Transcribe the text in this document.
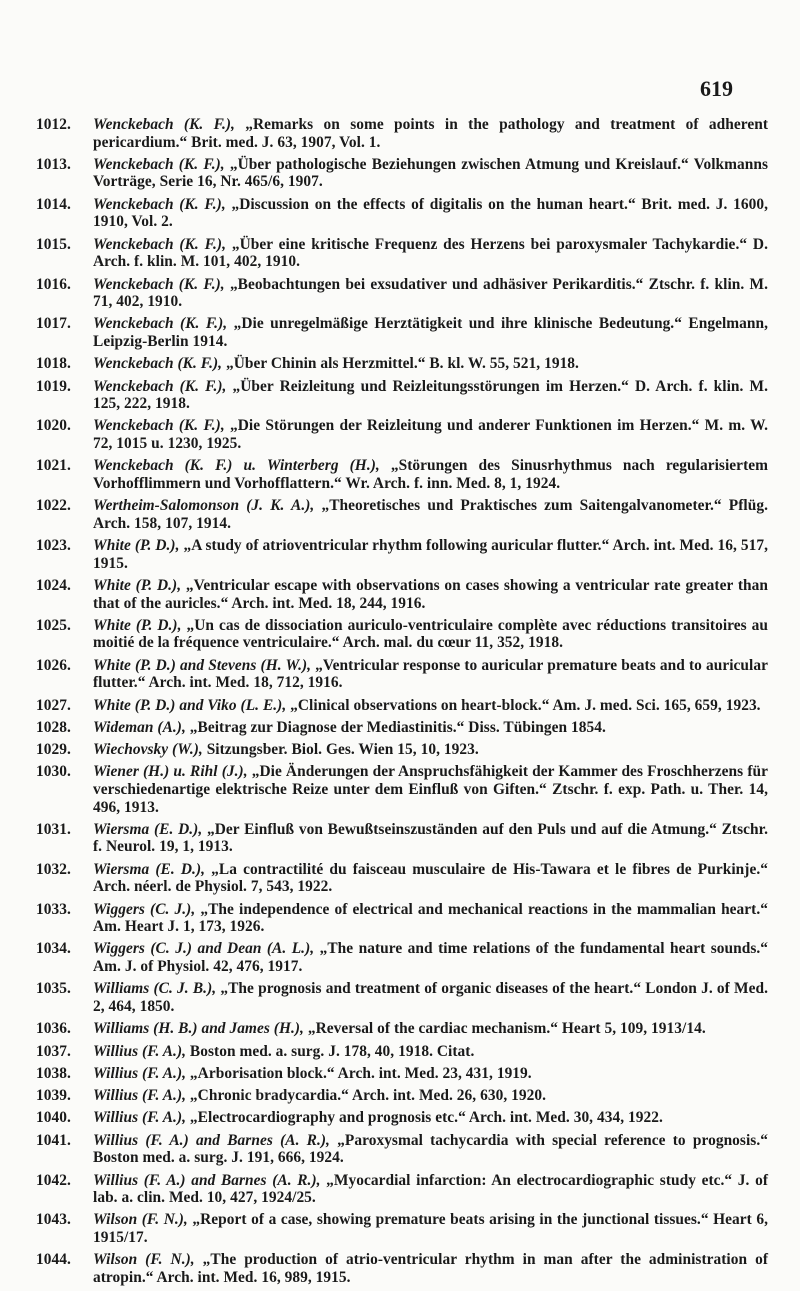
619
1012.	Wenckebach (K. F.), „Remarks on some points in the pathology and treatment of adherent pericardium.“ Brit. med. J. 63, 1907, Vol. 1.
1013.	Wenckebach (K. F.), „Über pathologische Beziehungen zwischen Atmung und Kreislauf.“ Volkmanns Vorträge, Serie 16, Nr. 465/6, 1907.
1014.	Wenckebach (K. F.), „Discussion on the effects of digitalis on the human heart.“ Brit. med. J. 1600, 1910, Vol. 2.
1015.	Wenckebach (K. F.), „Über eine kritische Frequenz des Herzens bei paroxysmaler Tachykardie.“ D. Arch. f. klin. M. 101, 402, 1910.
1016.	Wenckebach (K. F.), „Beobachtungen bei exsudativer und adhäsiver Perikarditis.“ Ztschr. f. klin. M. 71, 402, 1910.
1017.	Wenckebach (K. F.), „Die unregelmäßige Herztätigkeit und ihre klinische Bedeutung.“ Engelmann, Leipzig-Berlin 1914.
1018.	Wenckebach (K. F.), „Über Chinin als Herzmittel.“ B. kl. W. 55, 521, 1918.
1019.	Wenckebach (K. F.), „Über Reizleitung und Reizleitungsstörungen im Herzen.“ D. Arch. f. klin. M. 125, 222, 1918.
1020.	Wenckebach (K. F.), „Die Störungen der Reizleitung und anderer Funktionen im Herzen.“ M. m. W. 72, 1015 u. 1230, 1925.
1021.	Wenckebach (K. F.) u. Winterberg (H.), „Störungen des Sinusrhythmus nach regularisiertem Vorhofflimmern und Vorhofflattern.“ Wr. Arch. f. inn. Med. 8, 1, 1924.
1022.	Wertheim-Salomonson (J. K. A.), „Theoretisches und Praktisches zum Saitengalvanometer.“ Pflüg. Arch. 158, 107, 1914.
1023.	White (P. D.), „A study of atrioventricular rhythm following auricular flutter.“ Arch. int. Med. 16, 517, 1915.
1024.	White (P. D.), „Ventricular escape with observations on cases showing a ventricular rate greater than that of the auricles.“ Arch. int. Med. 18, 244, 1916.
1025.	White (P. D.), „Un cas de dissociation auriculo-ventriculaire complète avec réductions transitoires au moitié de la fréquence ventriculaire.“ Arch. mal. du cœur 11, 352, 1918.
1026.	White (P. D.) and Stevens (H. W.), „Ventricular response to auricular premature beats and to auricular flutter.“ Arch. int. Med. 18, 712, 1916.
1027.	White (P. D.) and Viko (L. E.), „Clinical observations on heart-block.“ Am. J. med. Sci. 165, 659, 1923.
1028.	Wideman (A.), „Beitrag zur Diagnose der Mediastinitis.“ Diss. Tübingen 1854.
1029.	Wiechovsky (W.), Sitzungsber. Biol. Ges. Wien 15, 10, 1923.
1030.	Wiener (H.) u. Rihl (J.), „Die Änderungen der Anspruchsfähigkeit der Kammer des Froschherzens für verschiedenartige elektrische Reize unter dem Einfluß von Giften.“ Ztschr. f. exp. Path. u. Ther. 14, 496, 1913.
1031.	Wiersma (E. D.), „Der Einfluß von Bewußtseinszuständen auf den Puls und auf die Atmung.“ Ztschr. f. Neurol. 19, 1, 1913.
1032.	Wiersma (E. D.), „La contractilité du faisceau musculaire de His-Tawara et le fibres de Purkinje.“ Arch. néerl. de Physiol. 7, 543, 1922.
1033.	Wiggers (C. J.), „The independence of electrical and mechanical reactions in the mammalian heart.“ Am. Heart J. 1, 173, 1926.
1034.	Wiggers (C. J.) and Dean (A. L.), „The nature and time relations of the fundamental heart sounds.“ Am. J. of Physiol. 42, 476, 1917.
1035.	Williams (C. J. B.), „The prognosis and treatment of organic diseases of the heart.“ London J. of Med. 2, 464, 1850.
1036.	Williams (H. B.) and James (H.), „Reversal of the cardiac mechanism.“ Heart 5, 109, 1913/14.
1037.	Willius (F. A.), Boston med. a. surg. J. 178, 40, 1918. Citat.
1038.	Willius (F. A.), „Arborisation block.“ Arch. int. Med. 23, 431, 1919.
1039.	Willius (F. A.), „Chronic bradycardia.“ Arch. int. Med. 26, 630, 1920.
1040.	Willius (F. A.), „Electrocardiography and prognosis etc.“ Arch. int. Med. 30, 434, 1922.
1041.	Willius (F. A.) and Barnes (A. R.), „Paroxysmal tachycardia with special reference to prognosis.“ Boston med. a. surg. J. 191, 666, 1924.
1042.	Willius (F. A.) and Barnes (A. R.), „Myocardial infarction: An electrocardiographic study etc.“ J. of lab. a. clin. Med. 10, 427, 1924/25.
1043.	Wilson (F. N.), „Report of a case, showing premature beats arising in the junctional tissues.“ Heart 6, 1915/17.
1044.	Wilson (F. N.), „The production of atrio-ventricular rhythm in man after the administration of atropin.“ Arch. int. Med. 16, 989, 1915.
